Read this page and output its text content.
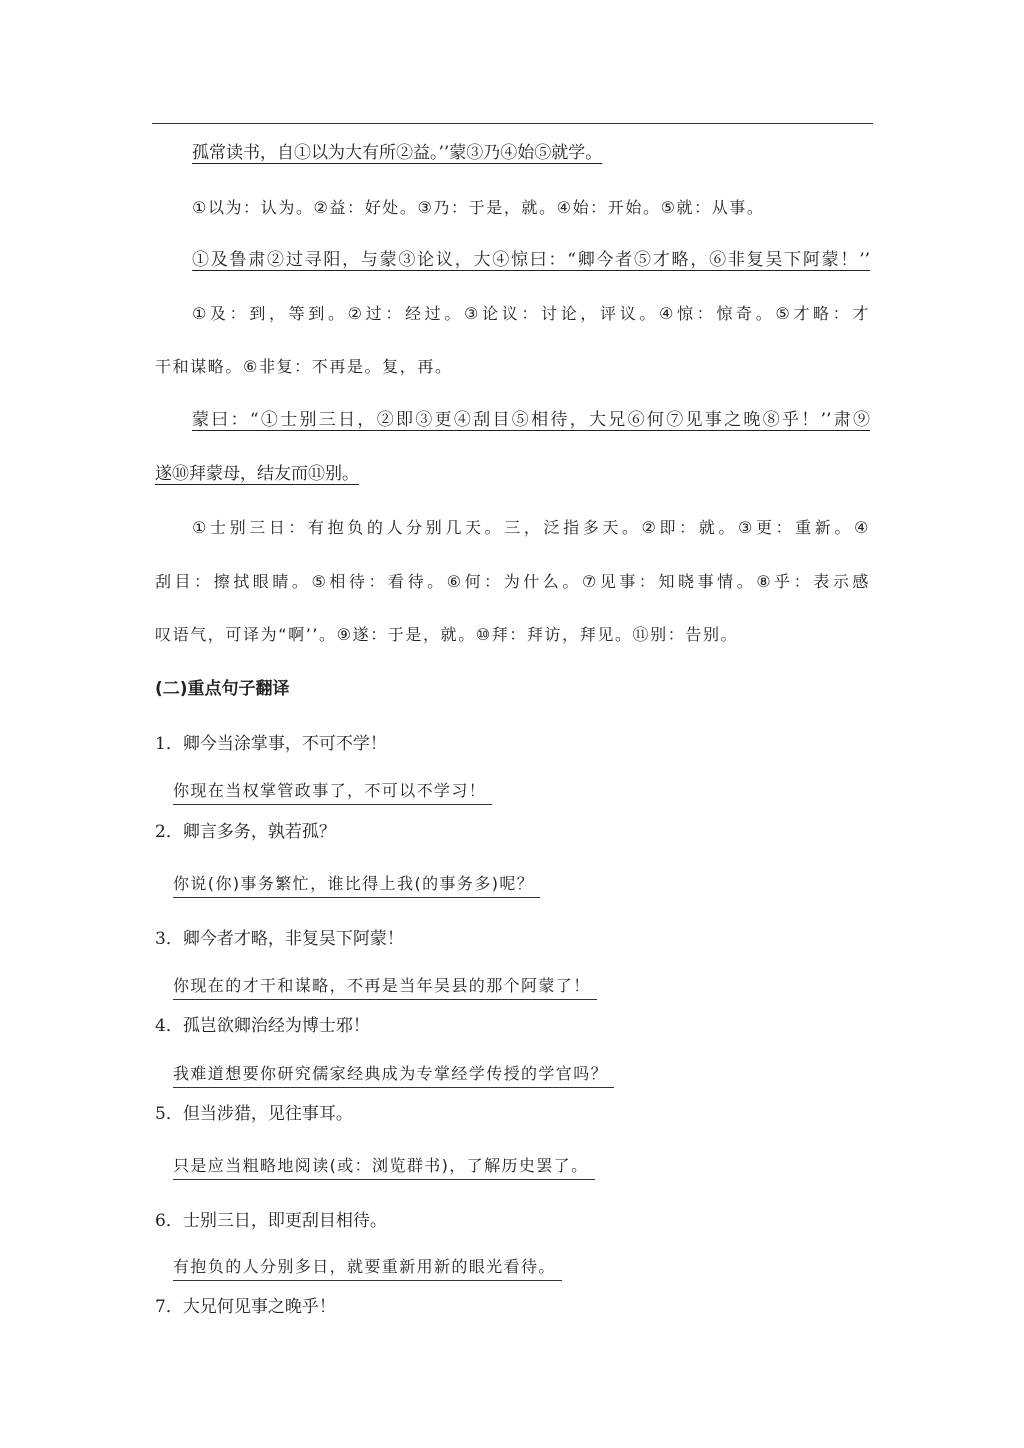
孤常读书，自①以为大有所②益。’’蒙③乃④始⑤就学。
①以为：认为。②益：好处。③乃：于是，就。④始：开始。⑤就：从事。
①及鲁肃②过寻阳，与蒙③论议，大④惊曰：“卿今者⑤才略，⑥非复吴下阿蒙！’’
①及：到，等到。②过：经过。③论议：讨论，评议。④惊：惊奇。⑤才略：才
干和谋略。⑥非复：不再是。复，再。
蒙曰：“①士别三日，②即③更④刮目⑤相待，大兄⑥何⑦见事之晚⑧乎！’’肃⑨
遂⑩拜蒙母，结友而⑪别。
①士别三日：有抱负的人分别几天。三，泛指多天。②即：就。③更：重新。④
刮目：擦拭眼睛。⑤相待：看待。⑥何：为什么。⑦见事：知晓事情。⑧乎：表示感
叹语气，可译为“啊’’。⑨遂：于是，就。⑩拜：拜访，拜见。⑪别：告别。
(二)重点句子翻译
1．卿今当涂掌事，不可不学！
你现在当权掌管政事了，不可以不学习！
2．卿言多务，孰若孤？
你说(你)事务繁忙，谁比得上我(的事务多)呢？
3．卿今者才略，非复吴下阿蒙！
你现在的才干和谋略，不再是当年吴县的那个阿蒙了！
4．孤岂欲卿治经为博士邪！
我难道想要你研究儒家经典成为专掌经学传授的学官吗？
5．但当涉猎，见往事耳。
只是应当粗略地阅读(或：浏览群书)，了解历史罢了。
6．士别三日，即更刮目相待。
有抱负的人分别多日，就要重新用新的眼光看待。
7．大兄何见事之晚乎！
